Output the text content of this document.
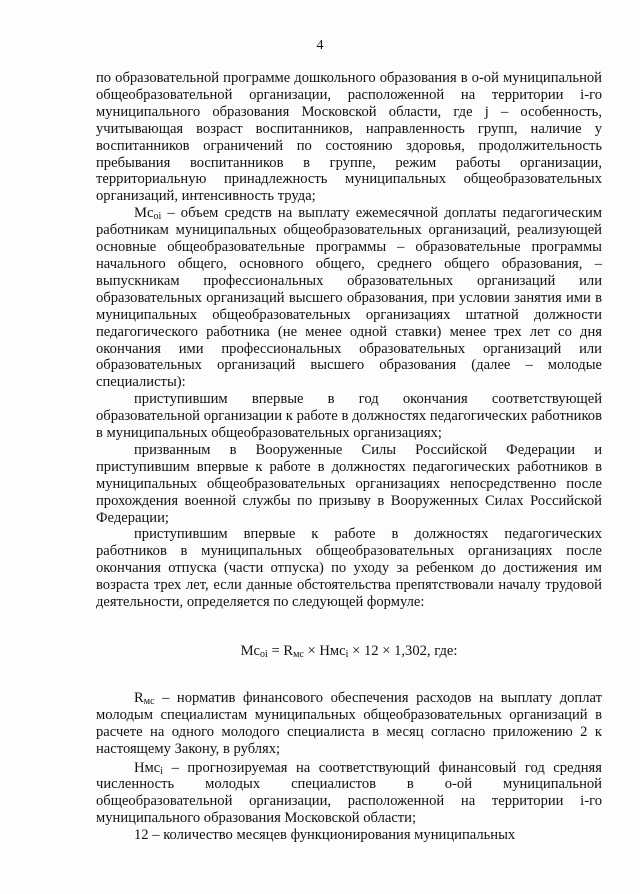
4

по образовательной программе дошкольного образования в о-ой муниципальной общеобразовательной организации, расположенной на территории i-го муниципального образования Московской области, где j – особенность, учитывающая возраст воспитанников, направленность групп, наличие у воспитанников ограничений по состоянию здоровья, продолжительность пребывания воспитанников в группе, режим работы организации, территориальную принадлежность муниципальных общеобразовательных организаций, интенсивность труда;

$Мс_{oi}$ – объем средств на выплату ежемесячной доплаты педагогическим работникам муниципальных общеобразовательных организаций, реализующей основные общеобразовательные программы – образовательные программы начального общего, основного общего, среднего общего образования, – выпускникам профессиональных образовательных организаций или образовательных организаций высшего образования, при условии занятия ими в муниципальных общеобразовательных организациях штатной должности педагогического работника (не менее одной ставки) менее трех лет со дня окончания ими профессиональных образовательных организаций или образовательных организаций высшего образования (далее – молодые специалисты):

приступившим впервые в год окончания соответствующей образовательной организации к работе в должностях педагогических работников в муниципальных общеобразовательных организациях;

призванным в Вооруженные Силы Российской Федерации и приступившим впервые к работе в должностях педагогических работников в муниципальных общеобразовательных организациях непосредственно после прохождения военной службы по призыву в Вооруженных Силах Российской Федерации;

приступившим впервые к работе в должностях педагогических работников в муниципальных общеобразовательных организациях после окончания отпуска (части отпуска) по уходу за ребенком до достижения им возраста трех лет, если данные обстоятельства препятствовали началу трудовой деятельности, определяется по следующей формуле:

$Мс_{oi} = R_{мс} \times Нмс_i \times 12 \times 1,302$, где:

$R_{мс}$ – норматив финансового обеспечения расходов на выплату доплат молодым специалистам муниципальных общеобразовательных организаций в расчете на одного молодого специалиста в месяц согласно приложению 2 к настоящему Закону, в рублях;

Нмс$_i$ – прогнозируемая на соответствующий финансовый год средняя численность молодых специалистов в о-ой муниципальной общеобразовательной организации, расположенной на территории i-го муниципального образования Московской области;

12 – количество месяцев функционирования муниципальных
